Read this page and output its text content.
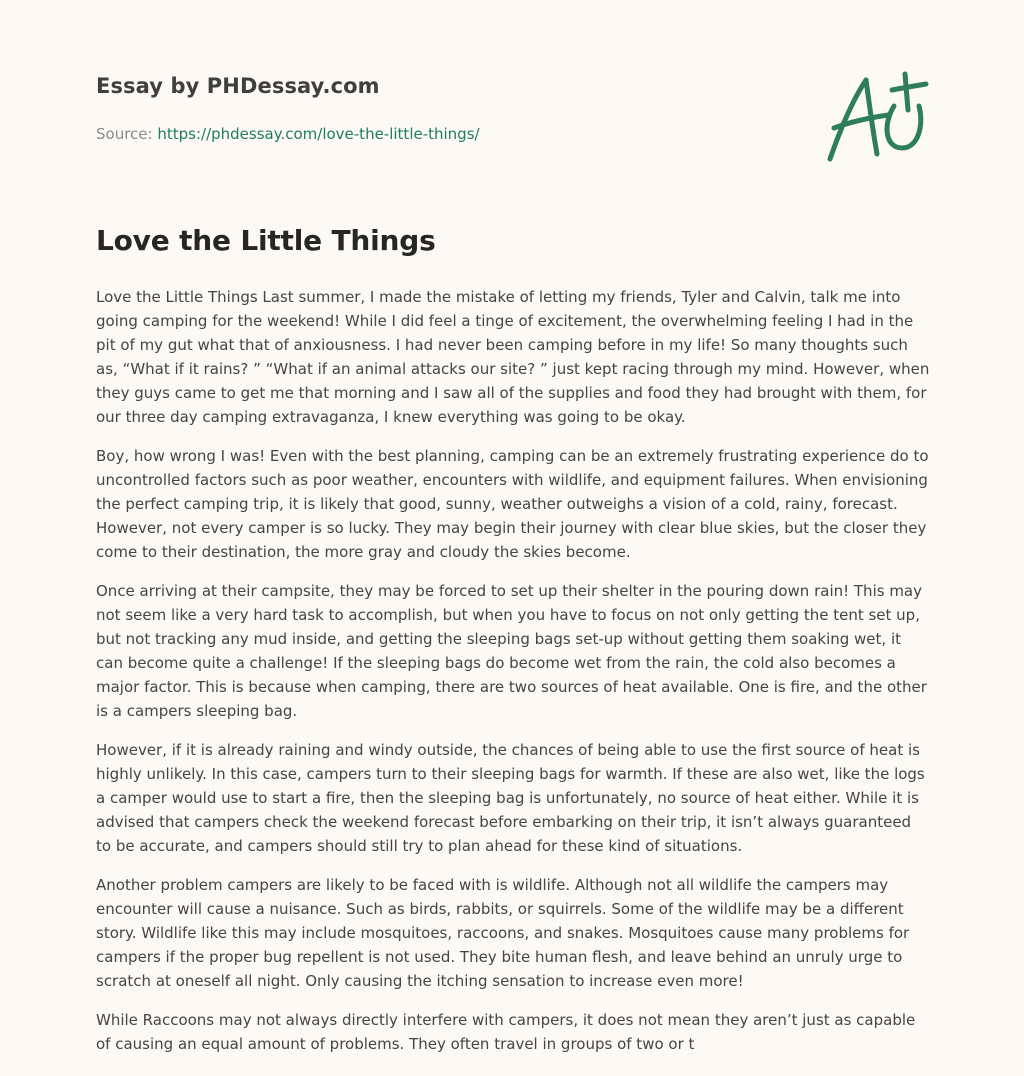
Essay by PHDessay.com
Source: https://phdessay.com/love-the-little-things/
Love the Little Things

Love the Little Things Last summer, I made the mistake of letting my friends, Tyler and Calvin, talk me into going camping for the weekend! While I did feel a tinge of excitement, the overwhelming feeling I had in the pit of my gut what that of anxiousness. I had never been camping before in my life! So many thoughts such as, “What if it rains? ” “What if an animal attacks our site? ” just kept racing through my mind. However, when they guys came to get me that morning and I saw all of the supplies and food they had brought with them, for our three day camping extravaganza, I knew everything was going to be okay.

Boy, how wrong I was! Even with the best planning, camping can be an extremely frustrating experience do to uncontrolled factors such as poor weather, encounters with wildlife, and equipment failures. When envisioning the perfect camping trip, it is likely that good, sunny, weather outweighs a vision of a cold, rainy, forecast. However, not every camper is so lucky. They may begin their journey with clear blue skies, but the closer they come to their destination, the more gray and cloudy the skies become.

Once arriving at their campsite, they may be forced to set up their shelter in the pouring down rain! This may not seem like a very hard task to accomplish, but when you have to focus on not only getting the tent set up, but not tracking any mud inside, and getting the sleeping bags set-up without getting them soaking wet, it can become quite a challenge! If the sleeping bags do become wet from the rain, the cold also becomes a major factor. This is because when camping, there are two sources of heat available. One is fire, and the other is a campers sleeping bag.

However, if it is already raining and windy outside, the chances of being able to use the first source of heat is highly unlikely. In this case, campers turn to their sleeping bags for warmth. If these are also wet, like the logs a camper would use to start a fire, then the sleeping bag is unfortunately, no source of heat either. While it is advised that campers check the weekend forecast before embarking on their trip, it isn’t always guaranteed to be accurate, and campers should still try to plan ahead for these kind of situations.

Another problem campers are likely to be faced with is wildlife. Although not all wildlife the campers may encounter will cause a nuisance. Such as birds, rabbits, or squirrels. Some of the wildlife may be a different story. Wildlife like this may include mosquitoes, raccoons, and snakes. Mosquitoes cause many problems for campers if the proper bug repellent is not used. They bite human flesh, and leave behind an unruly urge to scratch at oneself all night. Only causing the itching sensation to increase even more!

While Raccoons may not always directly interfere with campers, it does not mean they aren’t just as capable of causing an equal amount of problems. They often travel in groups of two or t
